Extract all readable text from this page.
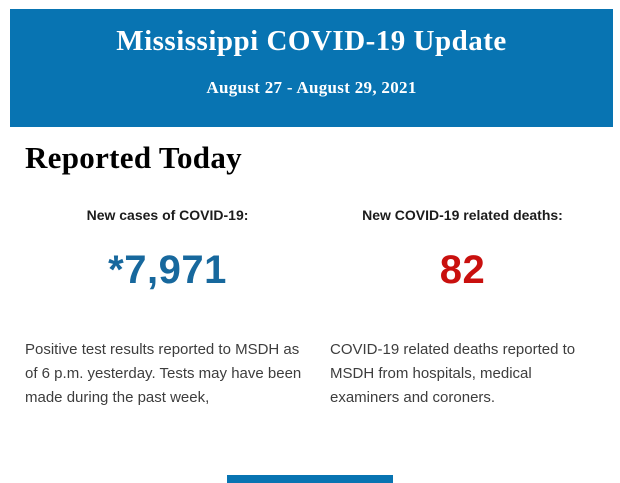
Mississippi COVID-19 Update
August 27 - August 29, 2021
Reported Today
New cases of COVID-19:
*7,971
Positive test results reported to MSDH as of 6 p.m. yesterday. Tests may have been made during the past week,
New COVID-19 related deaths:
82
COVID-19 related deaths reported to MSDH from hospitals, medical examiners and coroners.
